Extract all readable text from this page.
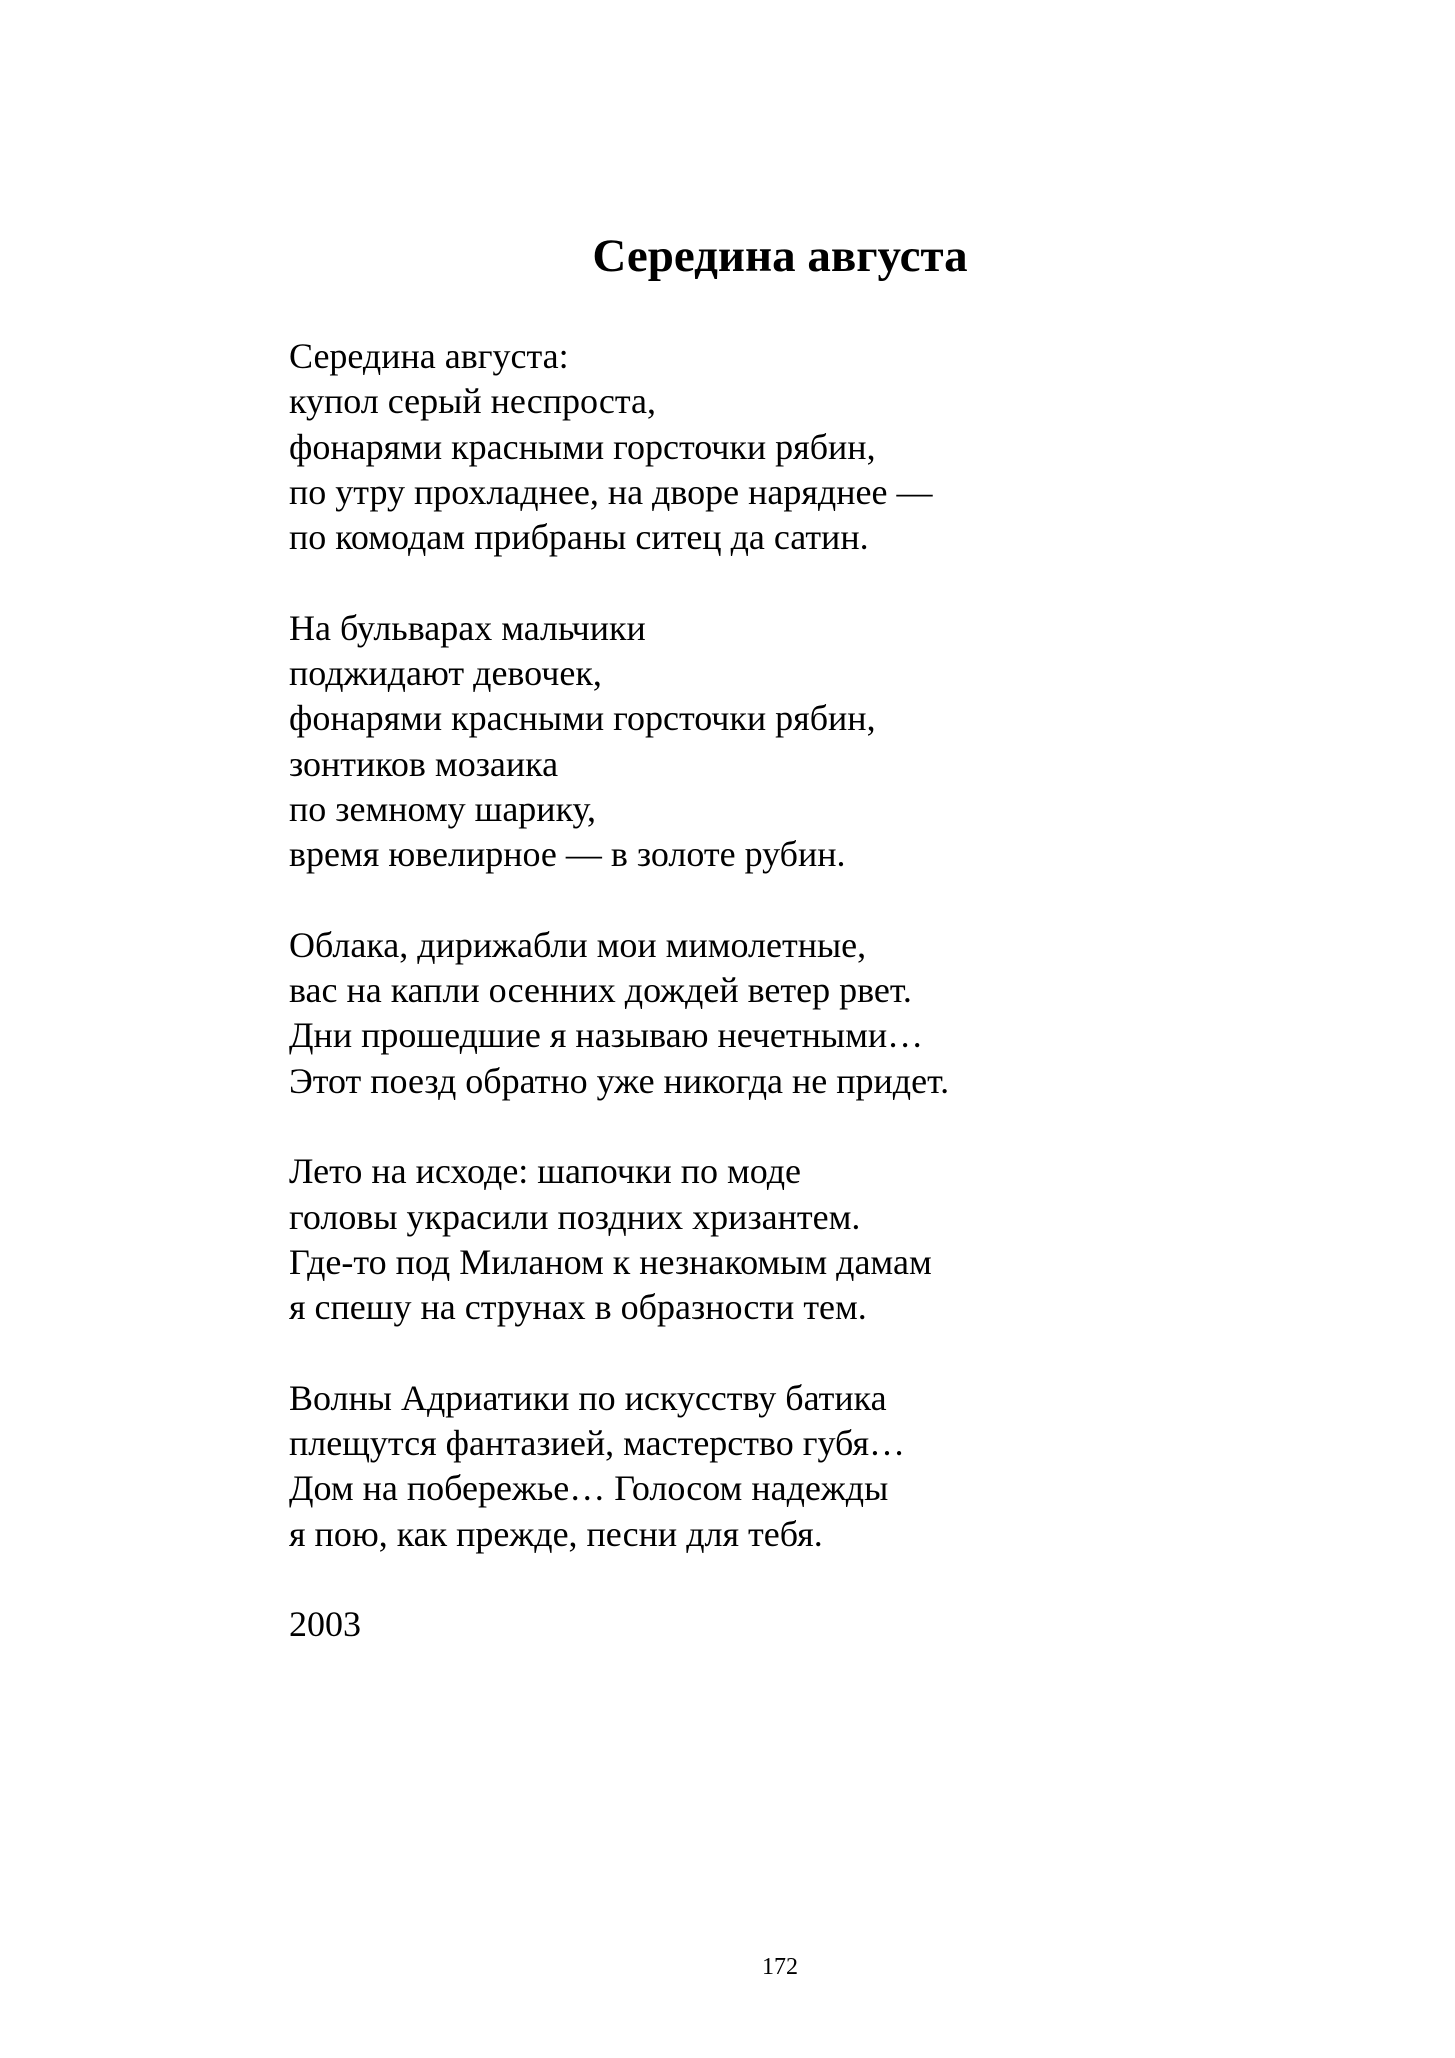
Середина августа
Середина августа:
купол серый неспроста,
фонарями красными горсточки рябин,
по утру прохладнее, на дворе наряднее —
по комодам прибраны ситец да сатин.
На бульварах мальчики
поджидают девочек,
фонарями красными горсточки рябин,
зонтиков мозаика
по земному шарику,
время ювелирное — в золоте рубин.
Облака, дирижабли мои мимолетные,
вас на капли осенних дождей ветер рвет.
Дни прошедшие я называю нечетными…
Этот поезд обратно уже никогда не придет.
Лето на исходе: шапочки по моде
головы украсили поздних хризантем.
Где-то под Миланом к незнакомым дамам
я спешу на струнах в образности тем.
Волны Адриатики по искусству батика
плещутся фантазией, мастерство губя…
Дом на побережье… Голосом надежды
я пою, как прежде, песни для тебя.
2003
172
